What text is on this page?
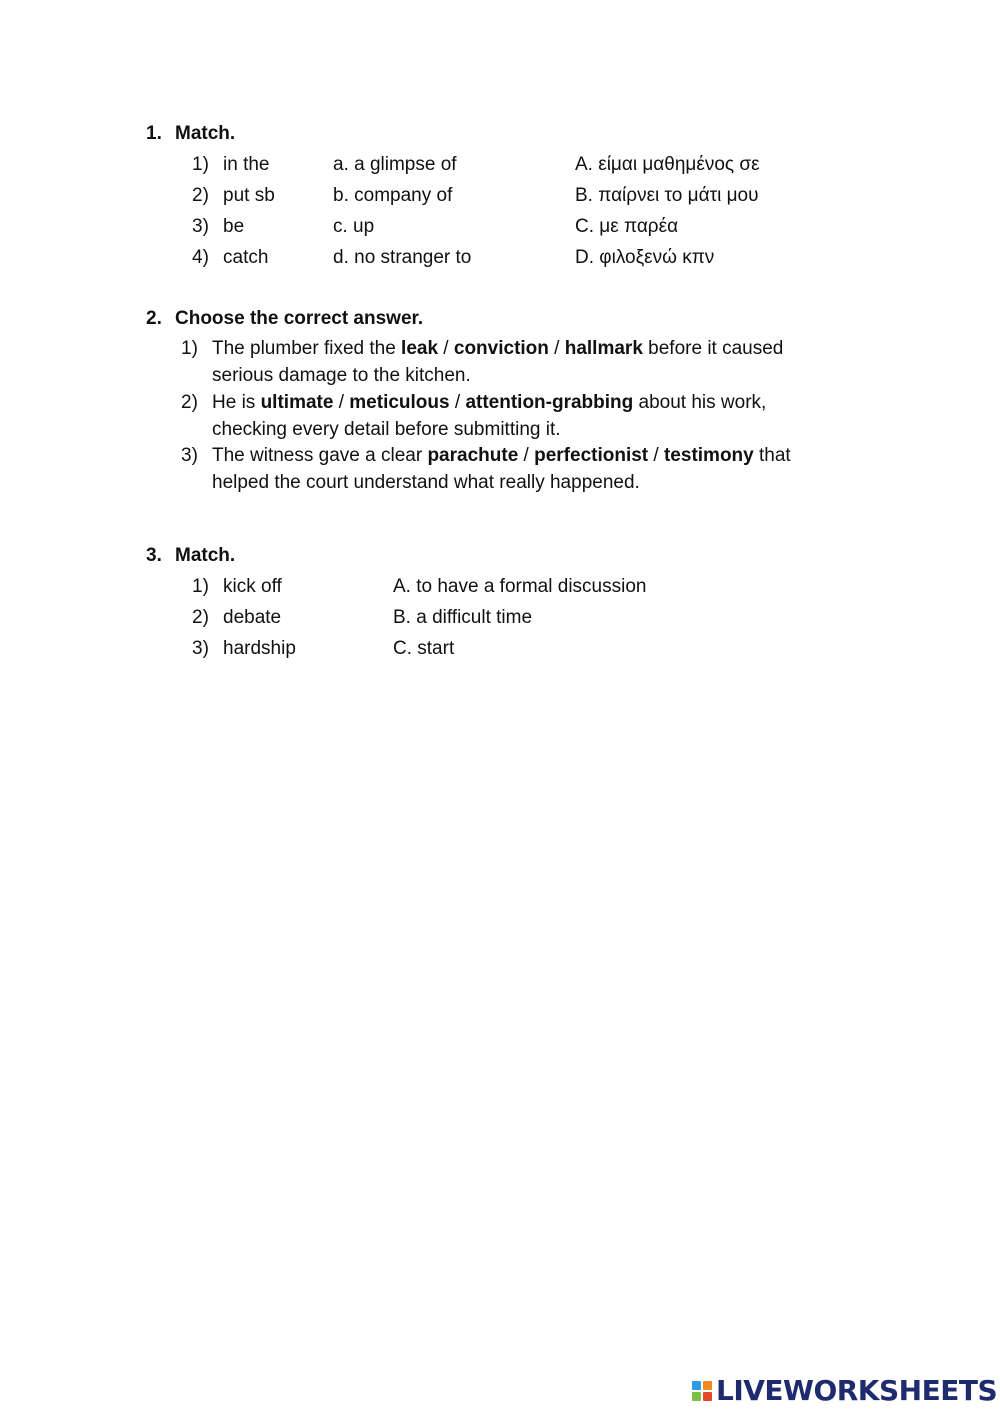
1. Match.
1) in the	a. a glimpse of	A. είμαι μαθημένος σε
2) put sb	b. company of	B. παίρνει το μάτι μου
3) be	c. up	C. με παρέα
4) catch	d. no stranger to	D. φιλοξενώ κπν
2. Choose the correct answer.
1) The plumber fixed the leak / conviction / hallmark before it caused serious damage to the kitchen.
2) He is ultimate / meticulous / attention-grabbing about his work, checking every detail before submitting it.
3) The witness gave a clear parachute / perfectionist / testimony that helped the court understand what really happened.
3. Match.
1) kick off	A. to have a formal discussion
2) debate	B. a difficult time
3) hardship	C. start
LIVEWORKSHEETS
